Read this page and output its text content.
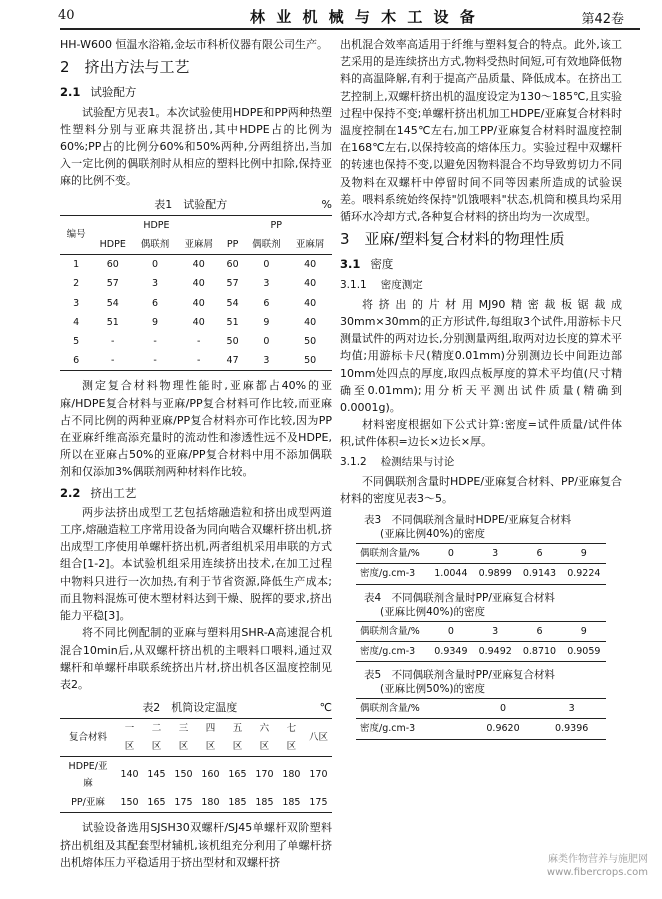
40	林 业 机 械 与 木 工 设 备	第42卷

HH-W600 恒温水浴箱,金坛市科析仪器有限公司生产。

2　挤出方法与工艺
2.1 试验配方

试验配方见表1。本次试验使用HDPE和PP两种热塑性塑料分别与亚麻共混挤出,其中HDPE占的比例为60%;PP占的比例分60%和50%两种,分两组挤出,当加入一定比例的偶联剂时从相应的塑料比例中扣除,保持亚麻的比例不变。

表1　试验配方	%
编号	HDPE			PP		
	HDPE	偶联剂	亚麻屑	PP	偶联剂	亚麻屑
1	60	0	40	60	0	40
2	57	3	40	57	3	40
3	54	6	40	54	6	40
4	51	9	40	51	9	40
5	-	-	-	50	0	50
6	-	-	-	47	3	50

测定复合材料物理性能时,亚麻都占40%的亚麻/HDPE复合材料与亚麻/PP复合材料可作比较,而亚麻占不同比例的两种亚麻/PP复合材料亦可作比较,因为PP在亚麻纤维高添充量时的流动性和渗透性远不及HDPE,所以在亚麻占50%的亚麻/PP复合材料中用不添加偶联剂和仅添加3%偶联剂两种材料作比较。

2.2 挤出工艺

两步法挤出成型工艺包括熔融造粒和挤出成型两道工序,熔融造粒工序常用设备为同向啮合双螺杆挤出机,挤出成型工序使用单螺杆挤出机,两者组机采用串联的方式组合[1-2]。本试验机组采用连续挤出技术,在加工过程中物料只进行一次加热,有利于节省资源,降低生产成本;而且物料混炼可使木塑材料达到干燥、脱挥的要求,挤出能力平稳[3]。

将不同比例配制的亚麻与塑料用SHR-A高速混合机混合10min后,从双螺杆挤出机的主喂料口喂料,通过双螺杆和单螺杆串联系统挤出片材,挤出机各区温度控制见表2。

表2　机筒设定温度	℃
复合材料	一区	二区	三区	四区	五区	六区	七区	八区
HDPE/亚麻	140	145	150	160	165	170	180	170
PP/亚麻	150	165	175	180	185	185	185	175

试验设备选用SJSH30双螺杆/SJ45单螺杆双阶塑料挤出机组及其配套型材辅机,该机组充分利用了单螺杆挤出机熔体压力平稳适用于挤出型材和双螺杆挤

出机混合效率高适用于纤维与塑料复合的特点。此外,该工艺采用的是连续挤出方式,物料受热时间短,可有效地降低物料的高温降解,有利于提高产品质量、降低成本。在挤出工艺控制上,双螺杆挤出机的温度设定为130～185℃,且实验过程中保持不变;单螺杆挤出机加工HDPE/亚麻复合材料时温度控制在145℃左右,加工PP/亚麻复合材料时温度控制在168℃左右,以保持较高的熔体压力。实验过程中双螺杆的转速也保持不变,以避免因物料混合不均导致剪切力不同及物料在双螺杆中停留时间不同等因素所造成的试验误差。喂料系统始终保持"饥饿喂料"状态,机筒和模具均采用循环水冷却方式,各种复合材料的挤出均为一次成型。

3　亚麻/塑料复合材料的物理性质
3.1 密度
3.1.1 密度测定

将挤出的片材用MJ90精密裁板锯裁成30mm×30mm的正方形试件,每组取3个试件,用游标卡尺测量试件的两对边长,分别测量两组,取两对边长度的算术平均值;用游标卡尺(精度0.01mm)分别测边长中间距边部10mm处四点的厚度,取四点板厚度的算术平均值(尺寸精确至0.01mm);用分析天平测出试件质量(精确到0.0001g)。

材料密度根据如下公式计算:密度=试件质量/试件体积,试件体积=边长×边长×厚。

3.1.2 检测结果与讨论

不同偶联剂含量时HDPE/亚麻复合材料、PP/亚麻复合材料的密度见表3～5。

表3　不同偶联剂含量时HDPE/亚麻复合材料
(亚麻比例40%)的密度
偶联剂含量/%	0	3	6	9
密度/g.cm-3	1.0044	0.9899	0.9143	0.9224
表4　不同偶联剂含量时PP/亚麻复合材料
(亚麻比例40%)的密度
偶联剂含量/%	0	3	6	9
密度/g.cm-3	0.9349	0.9492	0.8710	0.9059
表5　不同偶联剂含量时PP/亚麻复合材料
(亚麻比例50%)的密度
偶联剂含量/%	0	3
密度/g.cm-3	0.9620	0.9396
麻类作物营养与施肥网
www.fibercrops.com
